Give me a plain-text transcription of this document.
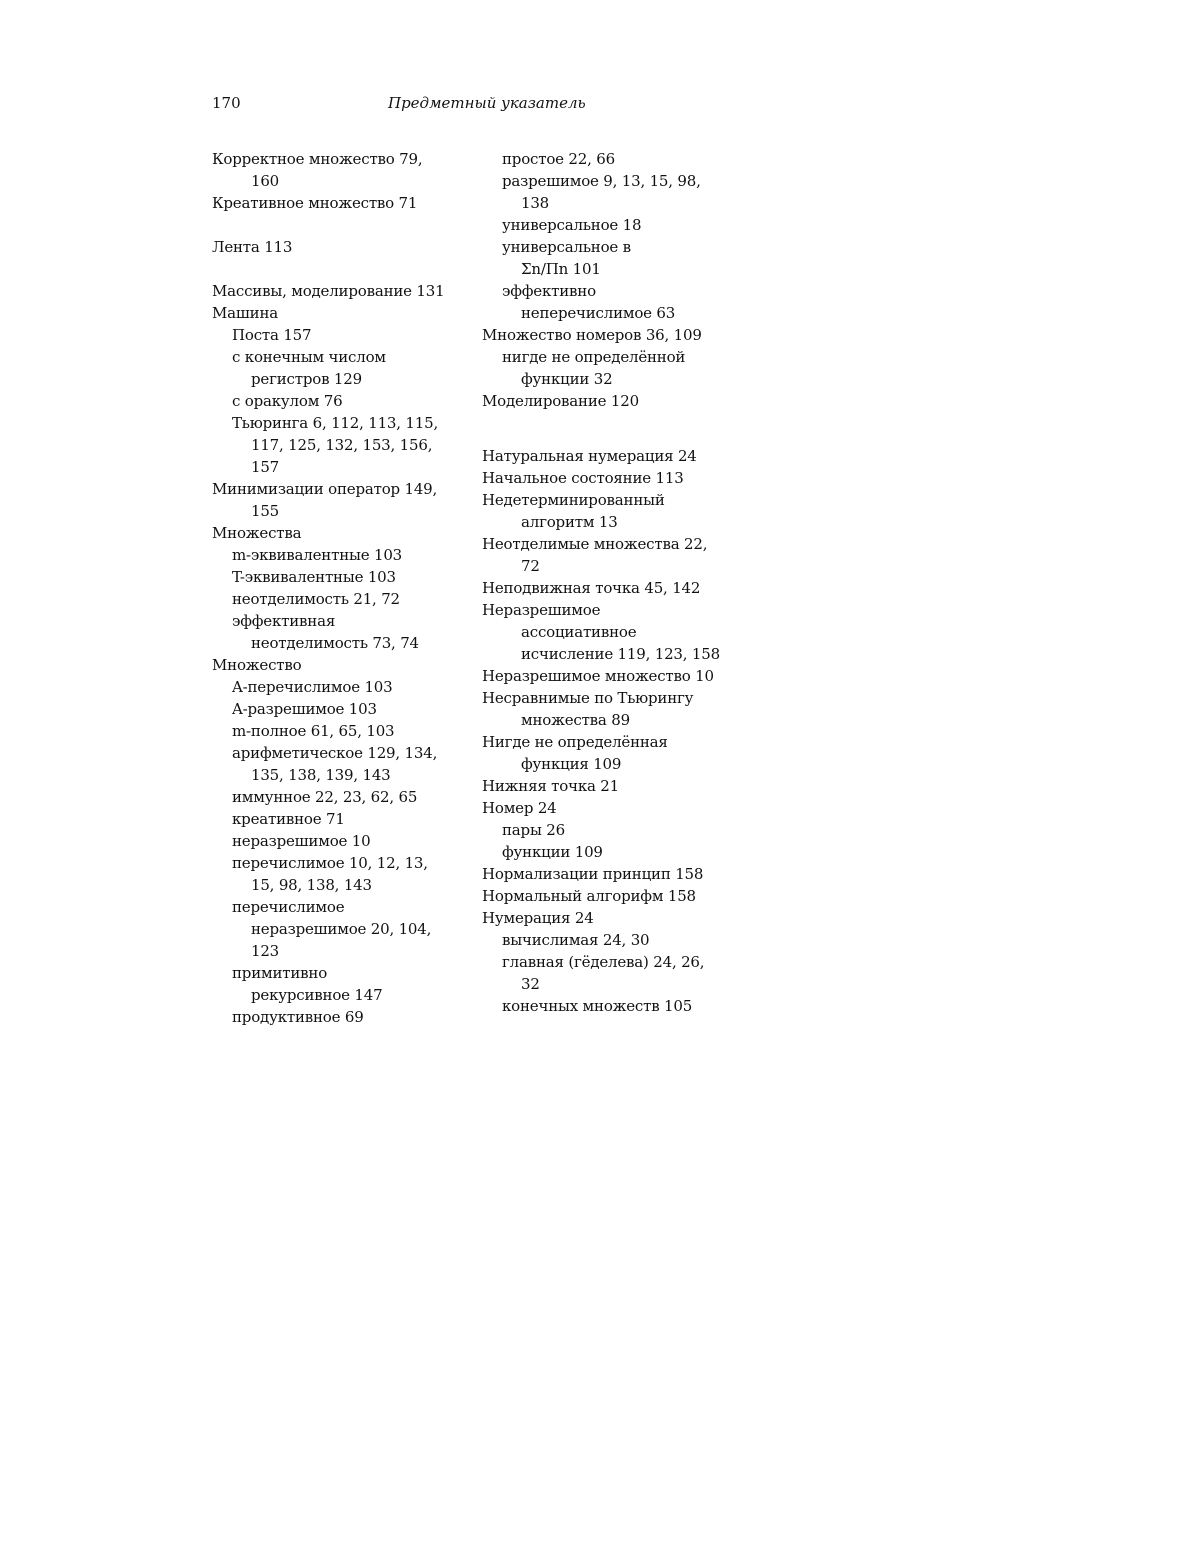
170	Предметный указатель
Корректное множество 79,
160
Креативное множество 71
Лента 113
Массивы, моделирование 131
Машина
Поста 157
с конечным числом
регистров 129
с оракулом 76
Тьюринга 6, 112, 113, 115,
117, 125, 132, 153, 156,
157
Минимизации оператор 149,
155
Множества
m-эквивалентные 103
T-эквивалентные 103
неотделимость 21, 72
эффективная
неотделимость 73, 74
Множество
A-перечислимое 103
A-разрешимое 103
m-полное 61, 65, 103
арифметическое 129, 134,
135, 138, 139, 143
иммунное 22, 23, 62, 65
креативное 71
неразрешимое 10
перечислимое 10, 12, 13,
15, 98, 138, 143
перечислимое
неразрешимое 20, 104,
123
примитивно
рекурсивное 147
продуктивное 69
простое 22, 66
разрешимое 9, 13, 15, 98,
138
универсальное 18
универсальное в
Σn/Πn 101
эффективно
неперечислимое 63
Множество номеров 36, 109
нигде не определённой
функции 32
Моделирование 120
Натуральная нумерация 24
Начальное состояние 113
Недетерминированный
алгоритм 13
Неотделимые множества 22,
72
Неподвижная точка 45, 142
Неразрешимое
ассоциативное
исчисление 119, 123, 158
Неразрешимое множество 10
Несравнимые по Тьюрингу
множества 89
Нигде не определённая
функция 109
Нижняя точка 21
Номер 24
пары 26
функции 109
Нормализации принцип 158
Нормальный алгорифм 158
Нумерация 24
вычислимая 24, 30
главная (гёделева) 24, 26,
32
конечных множеств 105
